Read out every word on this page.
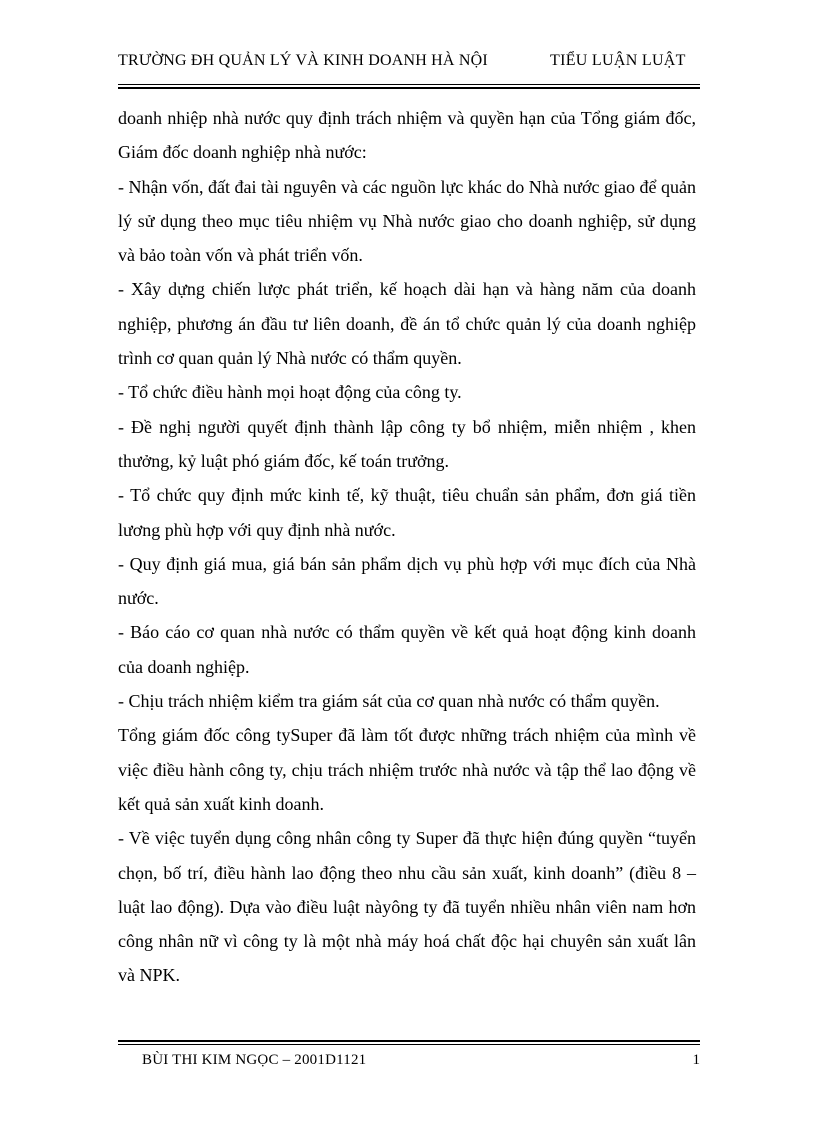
TRƯỜNG ĐH QUẢN LÝ VÀ KINH DOANH HÀ NỘI	TIỂU LUẬN LUẬT

doanh nhiệp nhà nước quy định trách nhiệm và quyền hạn của Tổng giám đốc, Giám đốc doanh nghiệp nhà nước:

- Nhận vốn, đất đai tài nguyên và các nguồn lực khác do Nhà nước giao để quản lý sử dụng theo mục tiêu nhiệm vụ Nhà nước giao cho doanh nghiệp, sử dụng và bảo toàn vốn và phát triển vốn.

- Xây dựng chiến lược phát triển, kế hoạch dài hạn và hàng năm của doanh nghiệp, phương án đầu tư liên doanh, đề án tổ chức quản lý của doanh nghiệp trình cơ quan quản lý Nhà nước có thẩm quyền.

- Tổ chức điều hành mọi hoạt động của công ty.

- Đề nghị người quyết định thành lập công ty bổ nhiệm, miễn nhiệm , khen thưởng, kỷ luật phó giám đốc, kế toán trưởng.

- Tổ chức quy định mức kinh tế, kỹ thuật, tiêu chuẩn sản phẩm, đơn giá tiền lương phù hợp với quy định nhà nước.

- Quy định giá mua, giá bán sản phẩm dịch vụ phù hợp với mục đích của Nhà nước.

- Báo cáo cơ quan nhà nước có thẩm quyền về kết quả hoạt động kinh doanh của doanh nghiệp.

- Chịu trách nhiệm kiểm tra giám sát của cơ quan nhà nước có thẩm quyền.

Tổng giám đốc công tySuper đã làm tốt được những trách nhiệm của mình về việc điều hành công ty, chịu trách nhiệm trước nhà nước và tập thể lao động về kết quả sản xuất kinh doanh.

- Về việc tuyển dụng công nhân công ty Super đã thực hiện đúng quyền “tuyển chọn, bố trí, điều hành lao động theo nhu cầu sản xuất, kinh doanh” (điều 8 – luật lao động). Dựa vào điều luật nàyông ty đã tuyển nhiều nhân viên nam hơn công nhân nữ vì công ty là một nhà máy hoá chất độc hại chuyên sản xuất lân và NPK.

BÙI THI KIM NGỌC – 2001D1121	1
